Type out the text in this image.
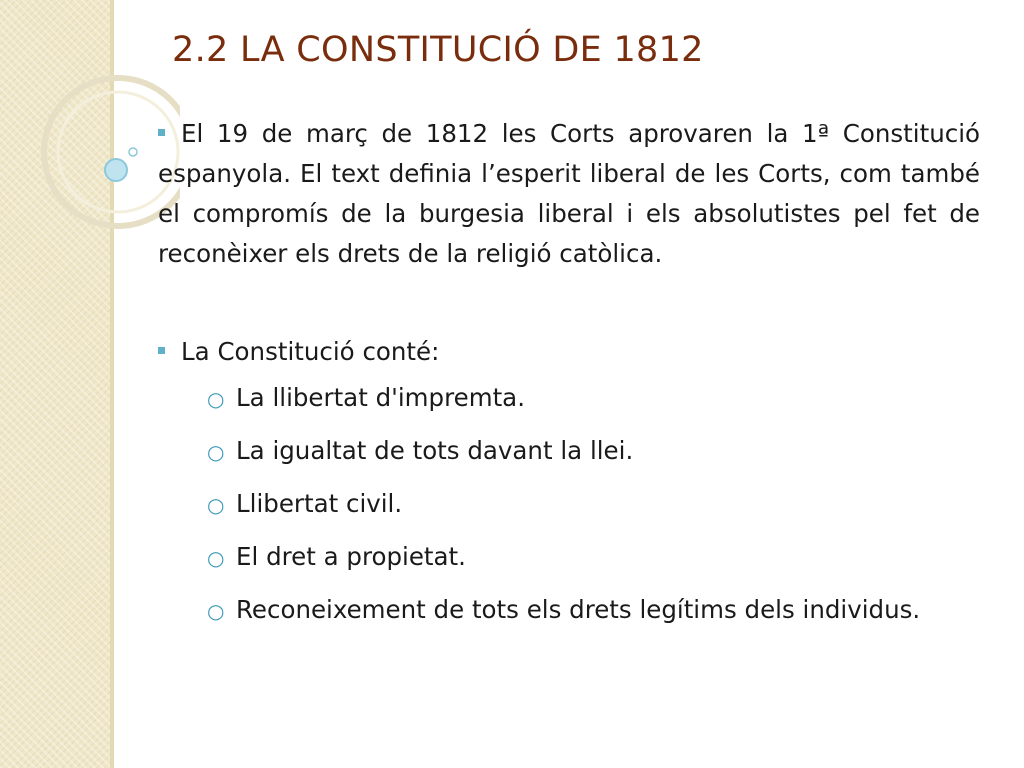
2.2 LA CONSTITUCIÓ DE 1812
El 19 de març de 1812 les Corts aprovaren la 1ª Constitució espanyola. El text definia l’esperit liberal de les Corts, com també el compromís de la burgesia liberal i els absolutistes pel fet de reconèixer els drets de la religió catòlica.
La Constitució conté:
○ La llibertat d'impremta.
○ La igualtat de tots davant la llei.
○ Llibertat civil.
○ El dret a propietat.
○ Reconeixement de tots els drets legítims dels individus.
